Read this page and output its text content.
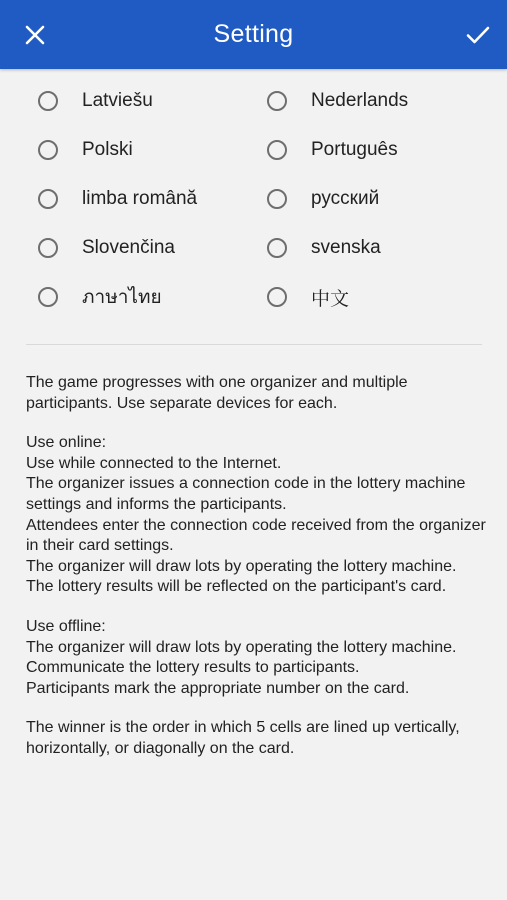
Setting
Latviešu	Nederlands
Polski	Português
limba română	русский
Slovenčina	svenska
ภาษาไทย	中文

The game progresses with one organizer and multiple participants. Use separate devices for each.

Use online:
Use while connected to the Internet.
The organizer issues a connection code in the lottery machine settings and informs the participants.
Attendees enter the connection code received from the organizer in their card settings.
The organizer will draw lots by operating the lottery machine.
The lottery results will be reflected on the participant's card.

Use offline:
The organizer will draw lots by operating the lottery machine. Communicate the lottery results to participants.
Participants mark the appropriate number on the card.

The winner is the order in which 5 cells are lined up vertically, horizontally, or diagonally on the card.
